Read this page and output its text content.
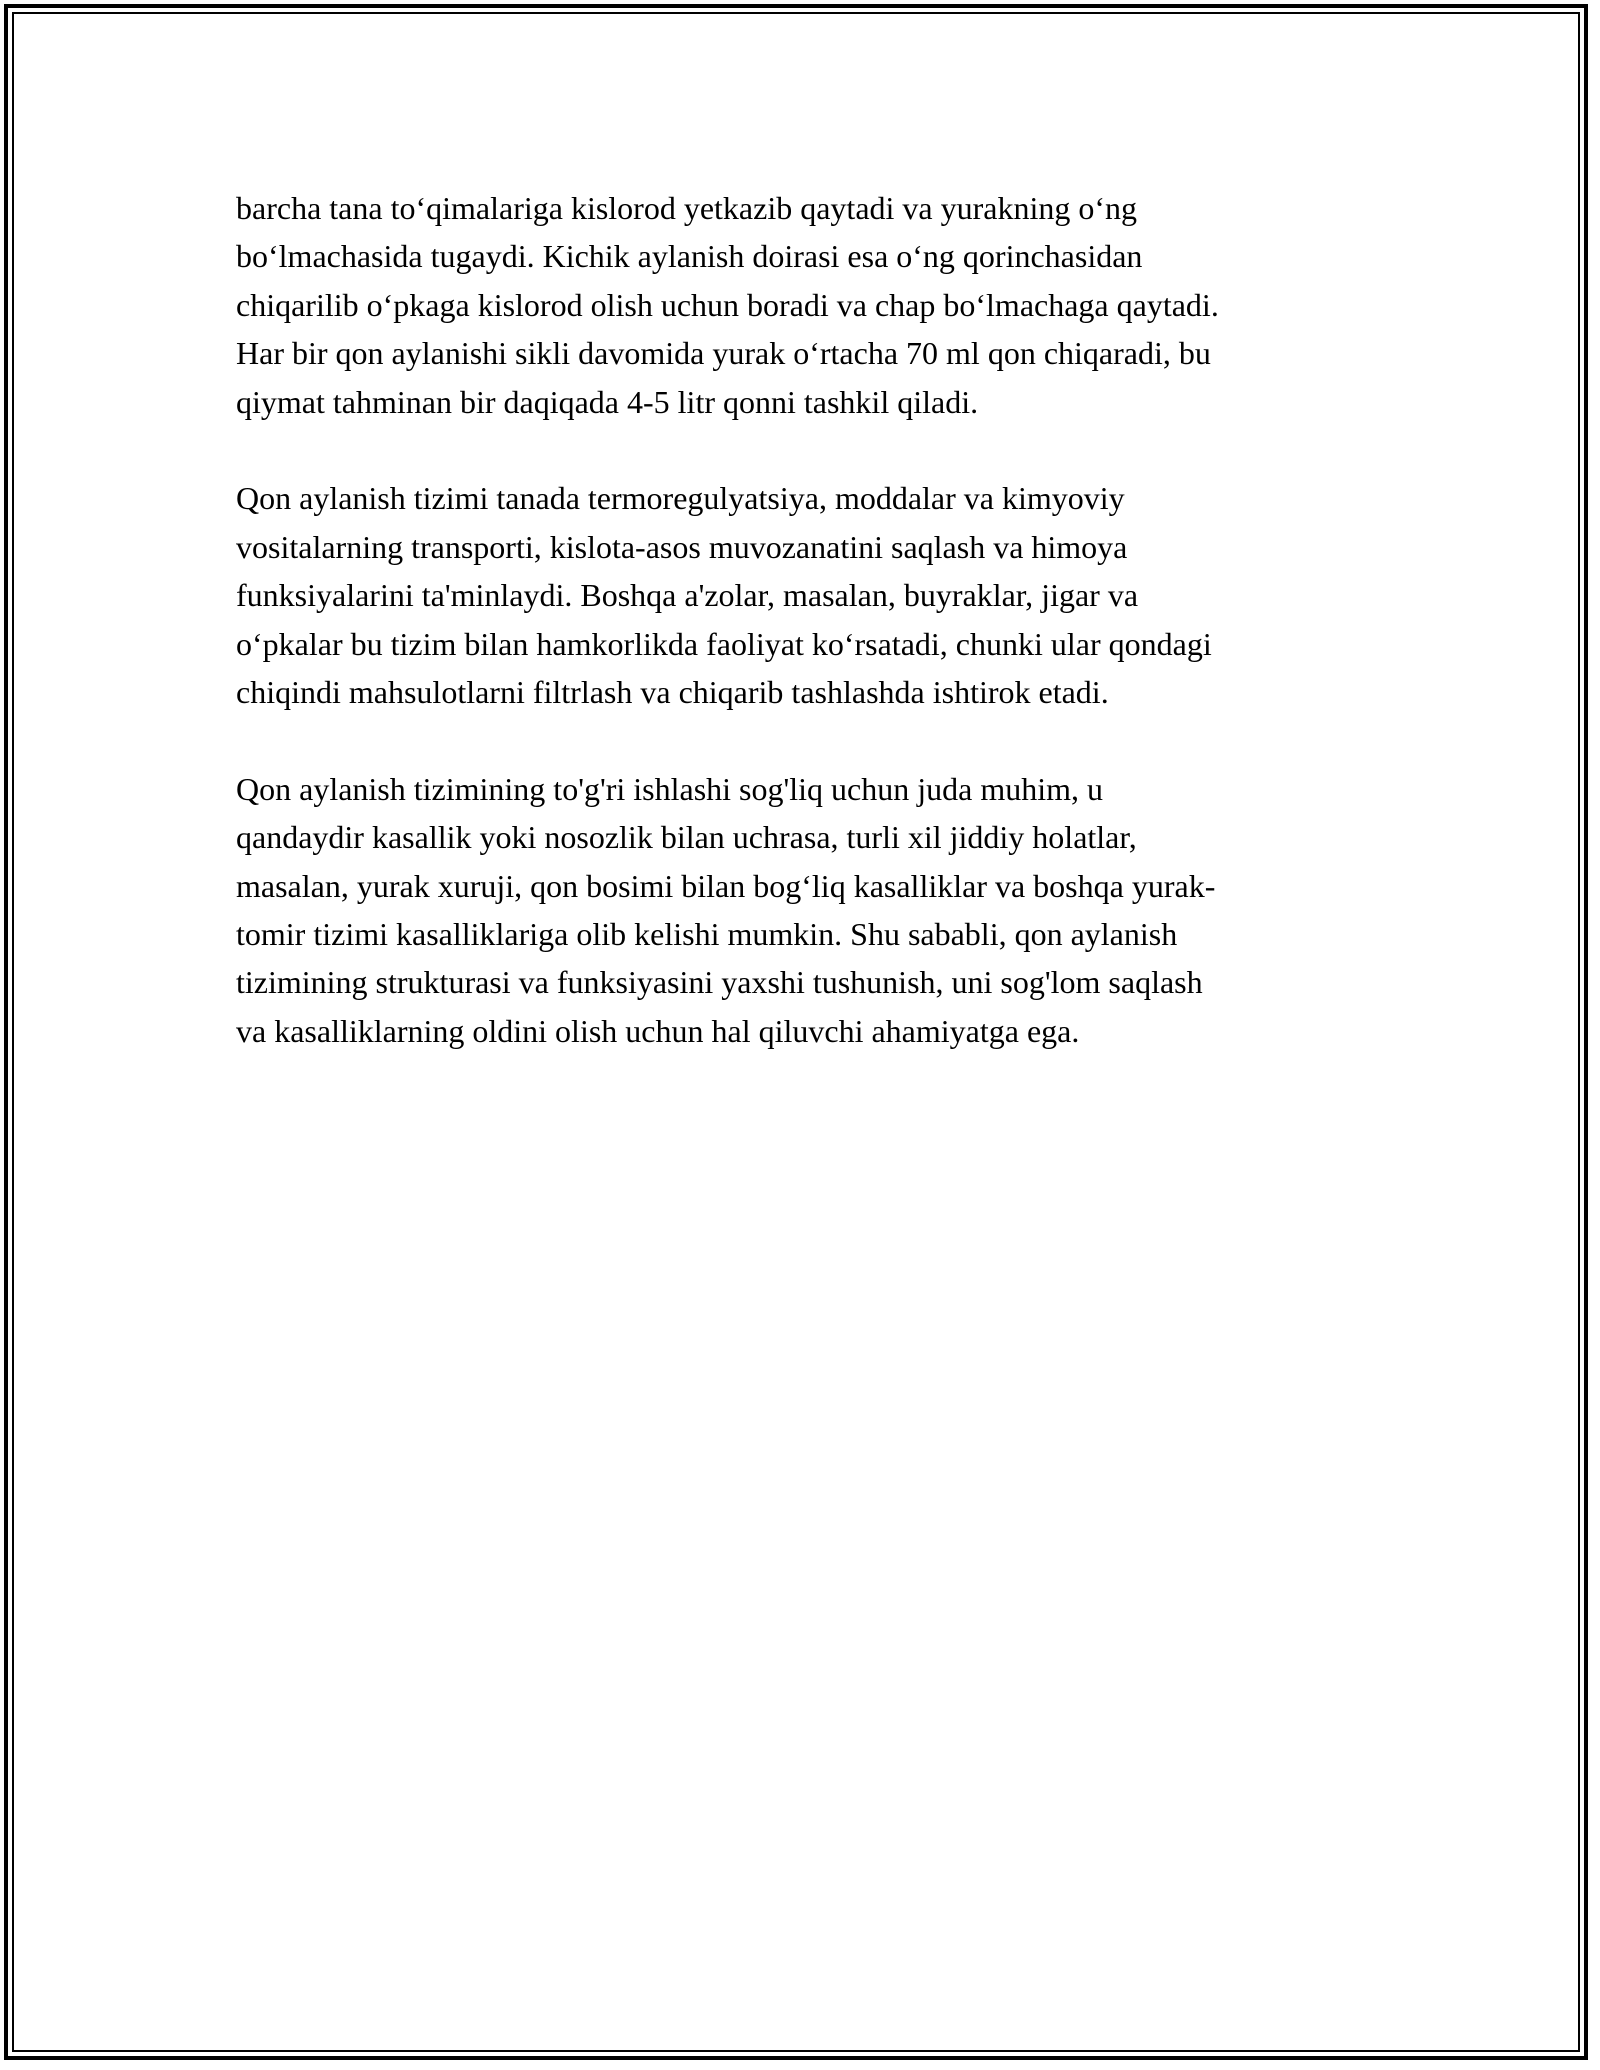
barcha tana to‘qimalariga kislorod yetkazib qaytadi va yurakning o‘ng
bo‘lmachasida tugaydi. Kichik aylanish doirasi esa o‘ng qorinchasidan
chiqarilib o‘pkaga kislorod olish uchun boradi va chap bo‘lmachaga qaytadi.
Har bir qon aylanishi sikli davomida yurak o‘rtacha 70 ml qon chiqaradi, bu
qiymat tahminan bir daqiqada 4-5 litr qonni tashkil qiladi.

Qon aylanish tizimi tanada termoregulyatsiya, moddalar va kimyoviy
vositalarning transporti, kislota-asos muvozanatini saqlash va himoya
funksiyalarini ta'minlaydi. Boshqa a'zolar, masalan, buyraklar, jigar va
o‘pkalar bu tizim bilan hamkorlikda faoliyat ko‘rsatadi, chunki ular qondagi
chiqindi mahsulotlarni filtrlash va chiqarib tashlashda ishtirok etadi.

Qon aylanish tizimining to'g'ri ishlashi sog'liq uchun juda muhim, u
qandaydir kasallik yoki nosozlik bilan uchrasa, turli xil jiddiy holatlar,
masalan, yurak xuruji, qon bosimi bilan bog‘liq kasalliklar va boshqa yurak-
tomir tizimi kasalliklariga olib kelishi mumkin. Shu sababli, qon aylanish
tizimining strukturasi va funksiyasini yaxshi tushunish, uni sog'lom saqlash
va kasalliklarning oldini olish uchun hal qiluvchi ahamiyatga ega.
